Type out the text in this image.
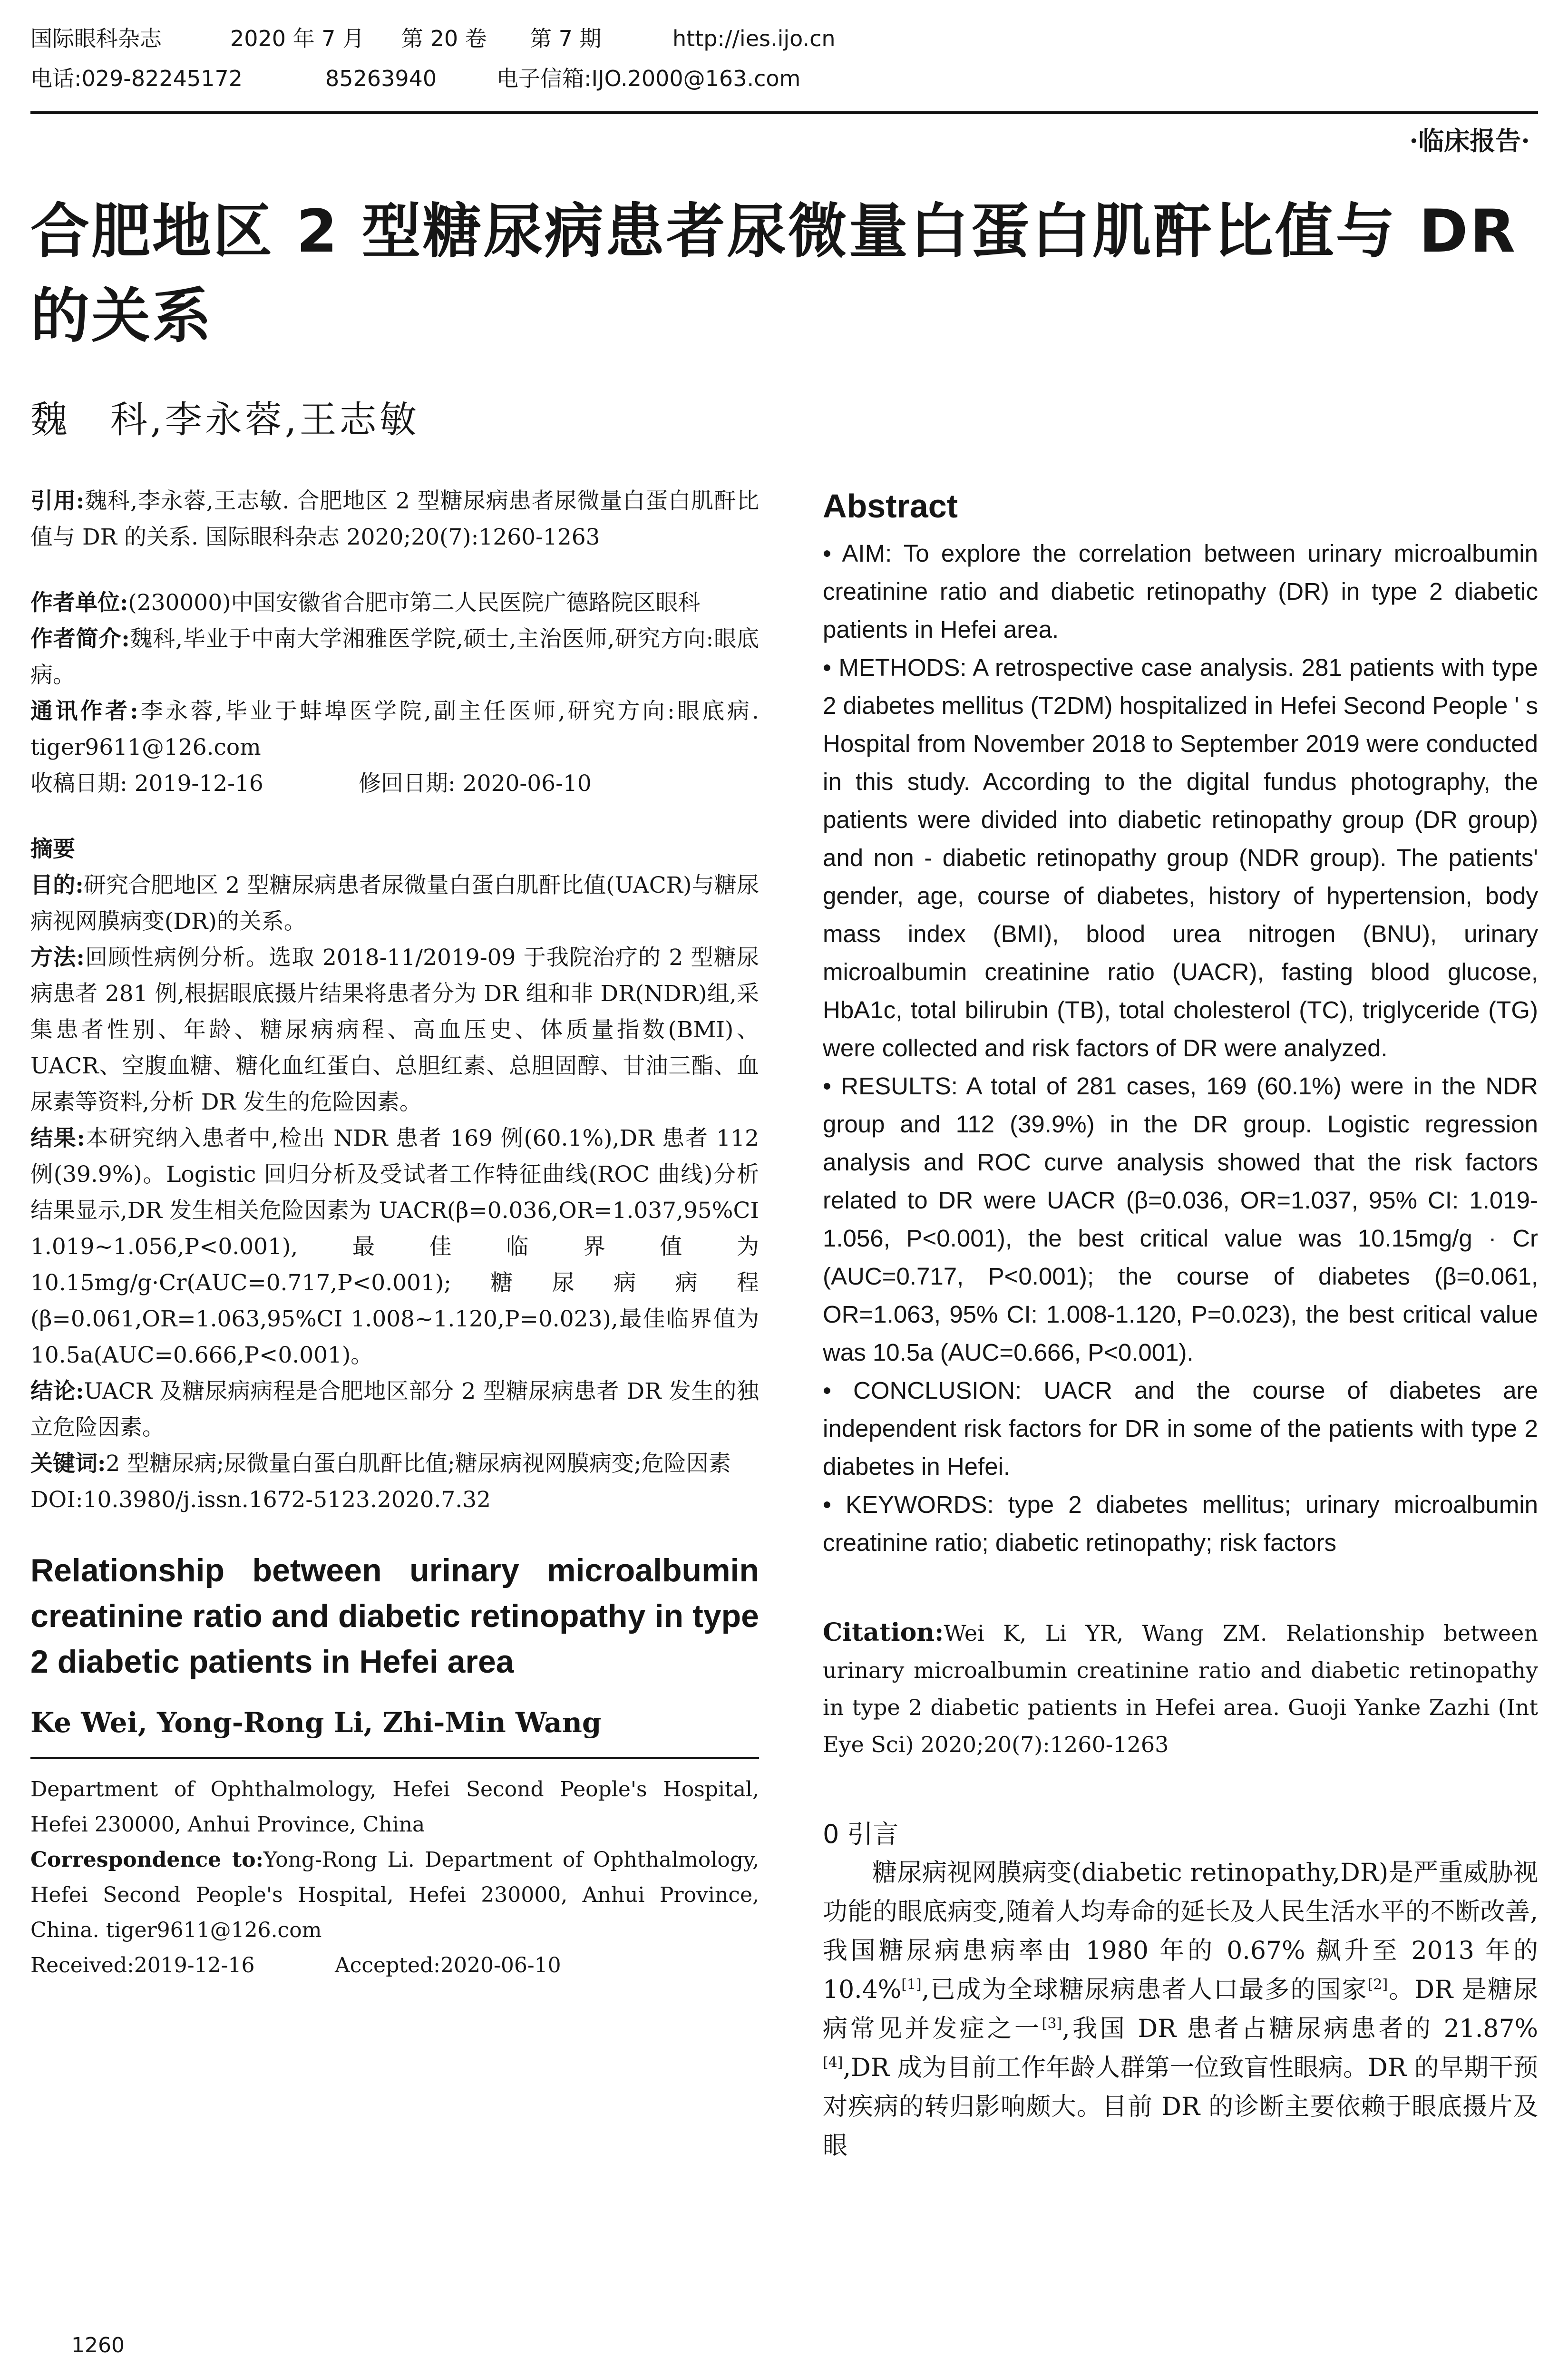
国际眼科杂志	2020 年 7 月 第 20 卷 第 7 期	http://ies.ijo.cn
电话:029-82245172	85263940	电子信箱:IJO.2000@163.com
·临床报告·
合肥地区 2 型糖尿病患者尿微量白蛋白肌酐比值与 DR 的关系
魏　科,李永蓉,王志敏

引用:魏科,李永蓉,王志敏. 合肥地区 2 型糖尿病患者尿微量白蛋白肌酐比值与 DR 的关系. 国际眼科杂志 2020;20(7):1260-1263

作者单位:(230000)中国安徽省合肥市第二人民医院广德路院区眼科

作者简介:魏科,毕业于中南大学湘雅医学院,硕士,主治医师,研究方向:眼底病。

通讯作者:李永蓉,毕业于蚌埠医学院,副主任医师,研究方向:眼底病. tiger9611@126.com

收稿日期: 2019-12-16	修回日期: 2020-06-10

摘要

目的:研究合肥地区 2 型糖尿病患者尿微量白蛋白肌酐比值(UACR)与糖尿病视网膜病变(DR)的关系。

方法:回顾性病例分析。选取 2018-11/2019-09 于我院治疗的 2 型糖尿病患者 281 例,根据眼底摄片结果将患者分为 DR 组和非 DR(NDR)组,采集患者性别、年龄、糖尿病病程、高血压史、体质量指数(BMI)、UACR、空腹血糖、糖化血红蛋白、总胆红素、总胆固醇、甘油三酯、血尿素等资料,分析 DR 发生的危险因素。

结果:本研究纳入患者中,检出 NDR 患者 169 例(60.1%),DR 患者 112 例(39.9%)。Logistic 回归分析及受试者工作特征曲线(ROC 曲线)分析结果显示,DR 发生相关危险因素为 UACR(β=0.036,OR=1.037,95%CI 1.019~1.056,P<0.001),最佳临界值为 10.15mg/g·Cr(AUC=0.717,P<0.001);糖尿病病程(β=0.061,OR=1.063,95%CI 1.008~1.120,P=0.023),最佳临界值为 10.5a(AUC=0.666,P<0.001)。

结论:UACR 及糖尿病病程是合肥地区部分 2 型糖尿病患者 DR 发生的独立危险因素。

关键词:2 型糖尿病;尿微量白蛋白肌酐比值;糖尿病视网膜病变;危险因素

DOI:10.3980/j.issn.1672-5123.2020.7.32

Relationship between urinary microalbumin creatinine ratio and diabetic retinopathy in type 2 diabetic patients in Hefei area

Ke Wei, Yong-Rong Li, Zhi-Min Wang

Department of Ophthalmology, Hefei Second People's Hospital, Hefei 230000, Anhui Province, China

Correspondence to:Yong-Rong Li. Department of Ophthalmology, Hefei Second People's Hospital, Hefei 230000, Anhui Province, China. tiger9611@126.com

Received:2019-12-16	Accepted:2020-06-10

Abstract

• AIM: To explore the correlation between urinary microalbumin creatinine ratio and diabetic retinopathy (DR) in type 2 diabetic patients in Hefei area.

• METHODS: A retrospective case analysis. 281 patients with type 2 diabetes mellitus (T2DM) hospitalized in Hefei Second People ' s Hospital from November 2018 to September 2019 were conducted in this study. According to the digital fundus photography, the patients were divided into diabetic retinopathy group (DR group) and non - diabetic retinopathy group (NDR group). The patients' gender, age, course of diabetes, history of hypertension, body mass index (BMI), blood urea nitrogen (BNU), urinary microalbumin creatinine ratio (UACR), fasting blood glucose, HbA1c, total bilirubin (TB), total cholesterol (TC), triglyceride (TG) were collected and risk factors of DR were analyzed.

• RESULTS: A total of 281 cases, 169 (60.1%) were in the NDR group and 112 (39.9%) in the DR group. Logistic regression analysis and ROC curve analysis showed that the risk factors related to DR were UACR (β=0.036, OR=1.037, 95% CI: 1.019-1.056, P<0.001), the best critical value was 10.15mg/g · Cr (AUC=0.717, P<0.001); the course of diabetes (β=0.061, OR=1.063, 95% CI: 1.008-1.120, P=0.023), the best critical value was 10.5a (AUC=0.666, P<0.001).

• CONCLUSION: UACR and the course of diabetes are independent risk factors for DR in some of the patients with type 2 diabetes in Hefei.

• KEYWORDS: type 2 diabetes mellitus; urinary microalbumin creatinine ratio; diabetic retinopathy; risk factors

Citation:Wei K, Li YR, Wang ZM. Relationship between urinary microalbumin creatinine ratio and diabetic retinopathy in type 2 diabetic patients in Hefei area. Guoji Yanke Zazhi (Int Eye Sci) 2020;20(7):1260-1263

0 引言

糖尿病视网膜病变(diabetic retinopathy,DR)是严重威胁视功能的眼底病变,随着人均寿命的延长及人民生活水平的不断改善,我国糖尿病患病率由 1980 年的 0.67% 飙升至 2013 年的 10.4%[1],已成为全球糖尿病患者人口最多的国家[2]。DR 是糖尿病常见并发症之一[3],我国 DR 患者占糖尿病患者的 21.87%[4],DR 成为目前工作年龄人群第一位致盲性眼病。DR 的早期干预对疾病的转归影响颇大。目前 DR 的诊断主要依赖于眼底摄片及眼

1260
